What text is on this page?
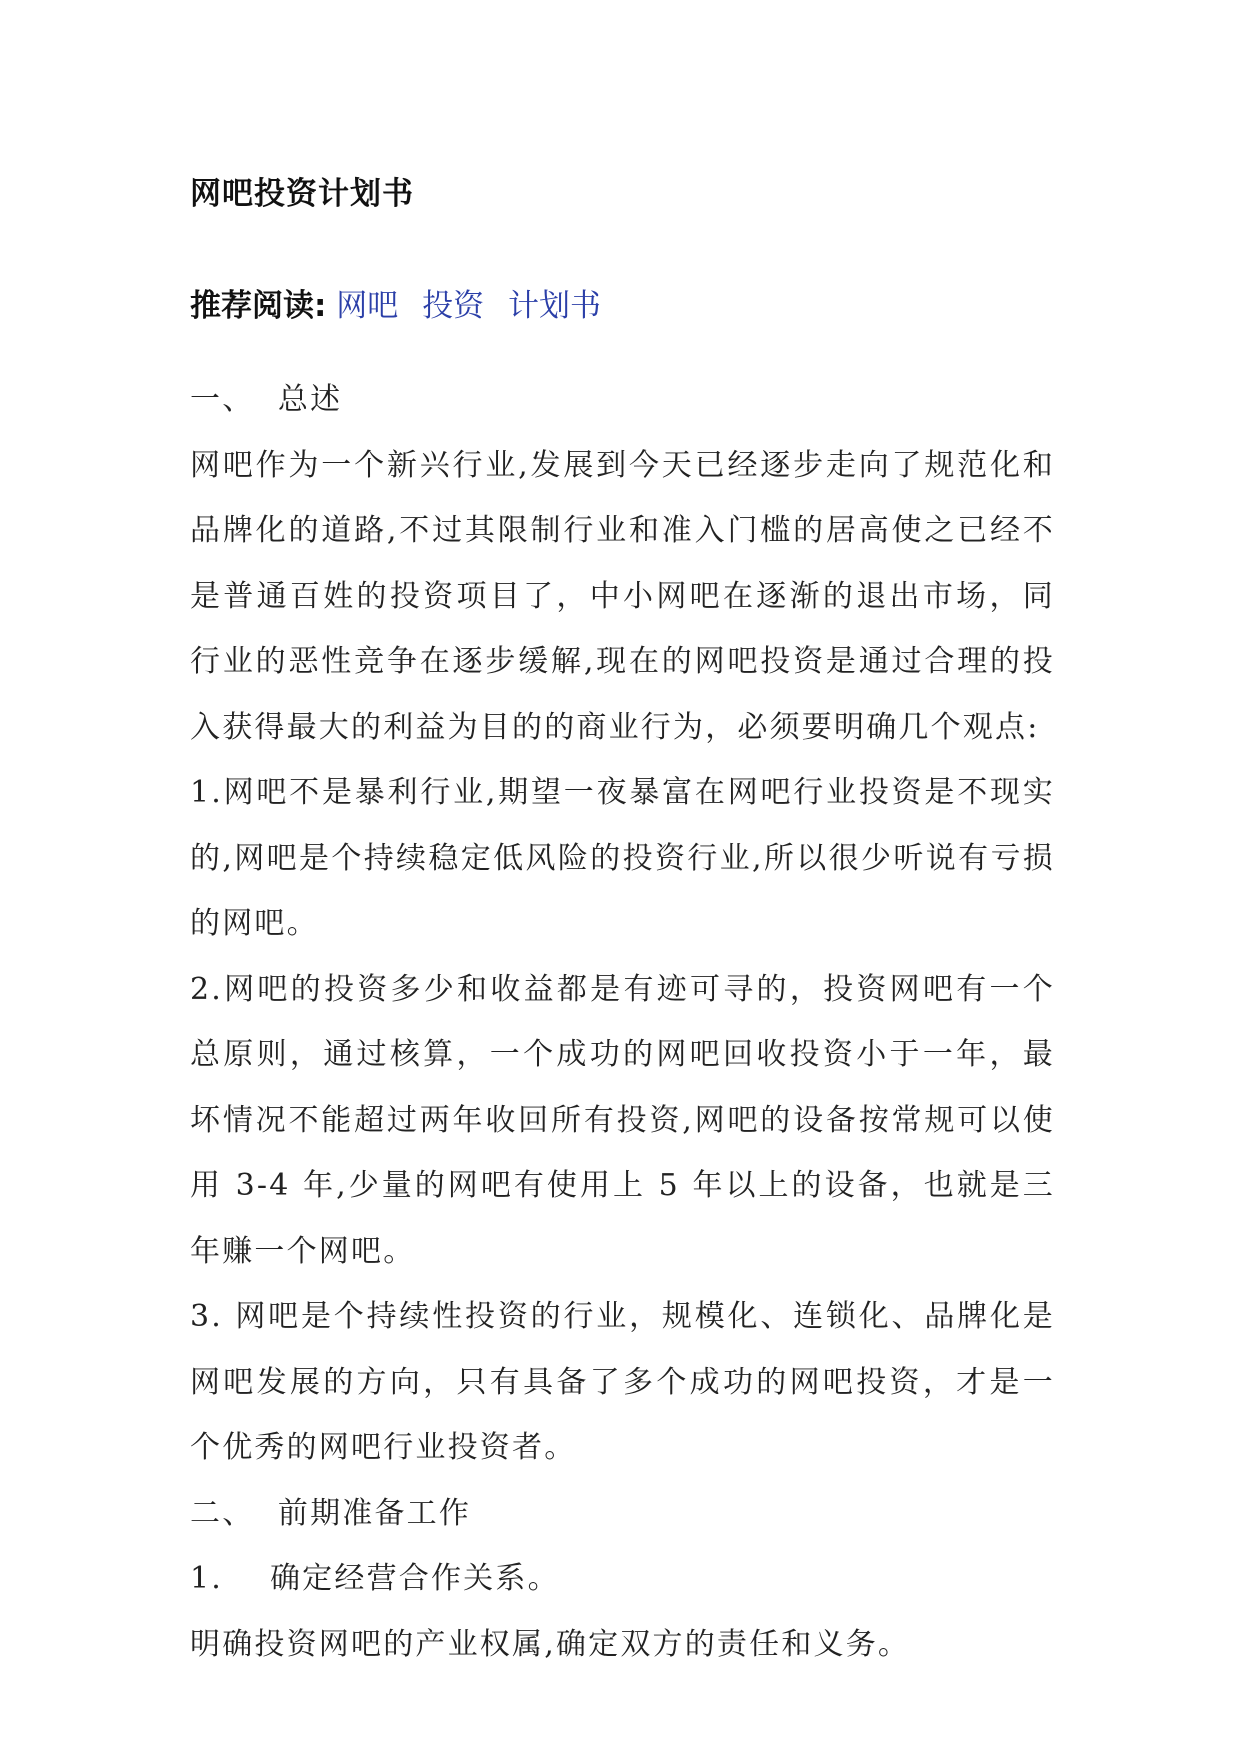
网吧投资计划书
推荐阅读: 网吧 投资 计划书

一、  总述

网吧作为一个新兴行业,发展到今天已经逐步走向了规范化和品牌化的道路,不过其限制行业和准入门槛的居高使之已经不是普通百姓的投资项目了，中小网吧在逐渐的退出市场，同行业的恶性竞争在逐步缓解,现在的网吧投资是通过合理的投入获得最大的利益为目的的商业行为，必须要明确几个观点:

1.网吧不是暴利行业,期望一夜暴富在网吧行业投资是不现实的,网吧是个持续稳定低风险的投资行业,所以很少听说有亏损的网吧。

2.网吧的投资多少和收益都是有迹可寻的，投资网吧有一个总原则，通过核算，一个成功的网吧回收投资小于一年，最坏情况不能超过两年收回所有投资,网吧的设备按常规可以使用 3-4 年,少量的网吧有使用上 5 年以上的设备，也就是三年赚一个网吧。

3. 网吧是个持续性投资的行业，规模化、连锁化、品牌化是网吧发展的方向，只有具备了多个成功的网吧投资，才是一个优秀的网吧行业投资者。

二、  前期准备工作

1.    确定经营合作关系。

明确投资网吧的产业权属,确定双方的责任和义务。
